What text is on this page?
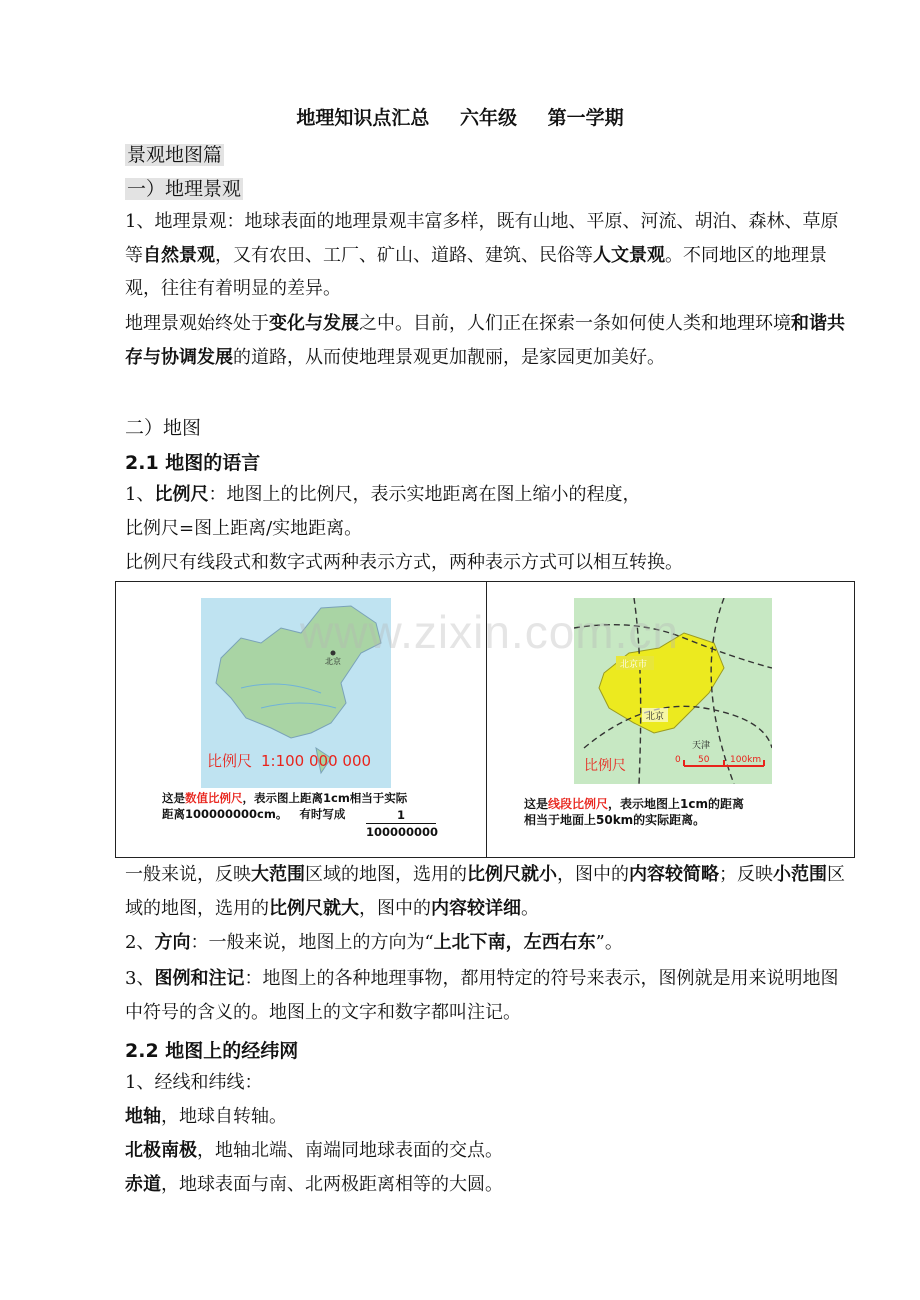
地理知识点汇总 六年级 第一学期
景观地图篇
一）地理景观
1、地理景观：地球表面的地理景观丰富多样，既有山地、平原、河流、胡泊、森林、草原等自然景观，又有农田、工厂、矿山、道路、建筑、民俗等人文景观。不同地区的地理景观，往往有着明显的差异。
地理景观始终处于变化与发展之中。目前，人们正在探索一条如何使人类和地理环境和谐共存与协调发展的道路，从而使地理景观更加靓丽，是家园更加美好。
二）地图
2.1 地图的语言
1、比例尺：地图上的比例尺，表示实地距离在图上缩小的程度，
比例尺=图上距离/实地距离。
比例尺有线段式和数字式两种表示方式，两种表示方式可以相互转换。
北京
比例尺 1:100 000 000
这是数值比例尺，表示图上距离1cm相当于实际
距离100000000cm。 有时写成	$\frac{1}{100000000}$
北京市
北京
天津
比例尺	0 50 100km
这是线段比例尺，表示地图上1cm的距离
相当于地面上50km的实际距离。
www.zixin.com.cn
一般来说，反映大范围区域的地图，选用的比例尺就小，图中的内容较简略；反映小范围区域的地图，选用的比例尺就大，图中的内容较详细。
2、方向：一般来说，地图上的方向为“上北下南，左西右东”。
3、图例和注记：地图上的各种地理事物，都用特定的符号来表示，图例就是用来说明地图中符号的含义的。地图上的文字和数字都叫注记。
2.2 地图上的经纬网
1、经线和纬线：
地轴，地球自转轴。
北极南极，地轴北端、南端同地球表面的交点。
赤道，地球表面与南、北两极距离相等的大圆。
